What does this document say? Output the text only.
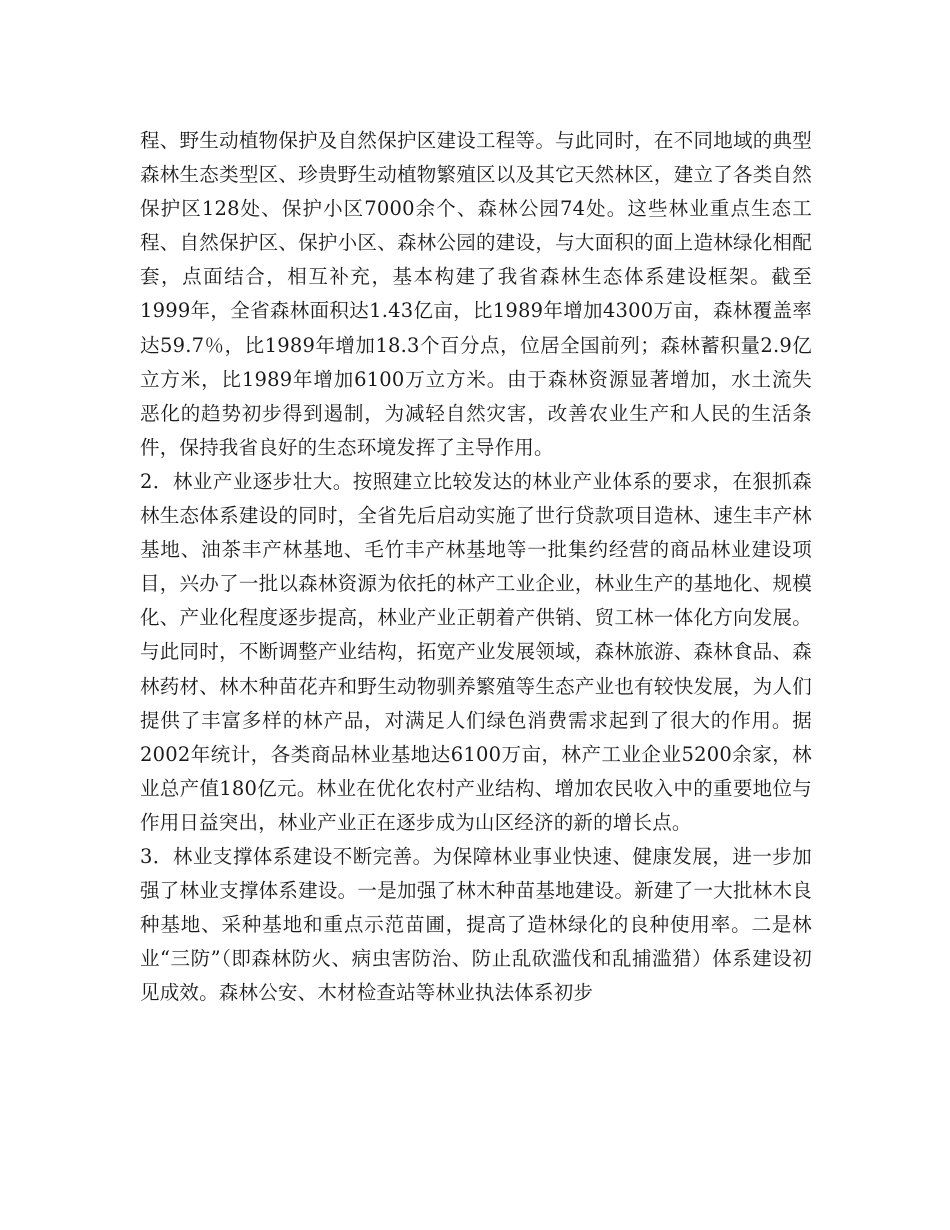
程、野生动植物保护及自然保护区建设工程等。与此同时，在不同地域的典型森林生态类型区、珍贵野生动植物繁殖区以及其它天然林区，建立了各类自然保护区128处、保护小区7000余个、森林公园74处。这些林业重点生态工程、自然保护区、保护小区、森林公园的建设，与大面积的面上造林绿化相配套，点面结合，相互补充，基本构建了我省森林生态体系建设框架。截至1999年，全省森林面积达1.43亿亩，比1989年增加4300万亩，森林覆盖率达59.7％，比1989年增加18.3个百分点，位居全国前列；森林蓄积量2.9亿立方米，比1989年增加6100万立方米。由于森林资源显著增加，水土流失恶化的趋势初步得到遏制，为减轻自然灾害，改善农业生产和人民的生活条件，保持我省良好的生态环境发挥了主导作用。

2．林业产业逐步壮大。按照建立比较发达的林业产业体系的要求，在狠抓森林生态体系建设的同时，全省先后启动实施了世行贷款项目造林、速生丰产林基地、油茶丰产林基地、毛竹丰产林基地等一批集约经营的商品林业建设项目，兴办了一批以森林资源为依托的林产工业企业，林业生产的基地化、规模化、产业化程度逐步提高，林业产业正朝着产供销、贸工林一体化方向发展。与此同时，不断调整产业结构，拓宽产业发展领域，森林旅游、森林食品、森林药材、林木种苗花卉和野生动物驯养繁殖等生态产业也有较快发展，为人们提供了丰富多样的林产品，对满足人们绿色消费需求起到了很大的作用。据2002年统计，各类商品林业基地达6100万亩，林产工业企业5200余家，林业总产值180亿元。林业在优化农村产业结构、增加农民收入中的重要地位与作用日益突出，林业产业正在逐步成为山区经济的新的增长点。

3．林业支撑体系建设不断完善。为保障林业事业快速、健康发展，进一步加强了林业支撑体系建设。一是加强了林木种苗基地建设。新建了一大批林木良种基地、采种基地和重点示范苗圃，提高了造林绿化的良种使用率。二是林业“三防”（即森林防火、病虫害防治、防止乱砍滥伐和乱捕滥猎）体系建设初见成效。森林公安、木材检查站等林业执法体系初步
